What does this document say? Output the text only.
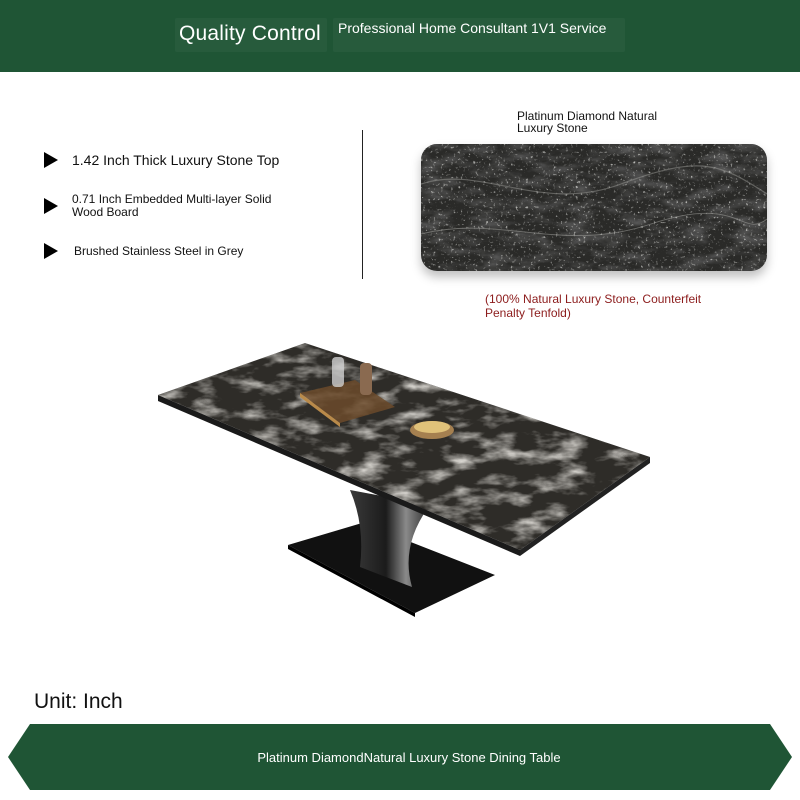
Quality Control Professional Home Consultant 1V1 Service
1.42 Inch Thick Luxury Stone Top
0.71 Inch Embedded Multi-layer Solid Wood Board
Brushed Stainless Steel in Grey
Platinum Diamond Natural Luxury Stone
(100% Natural Luxury Stone, Counterfeit Penalty Tenfold)
Unit: Inch
Platinum DiamondNatural Luxury Stone Dining Table
